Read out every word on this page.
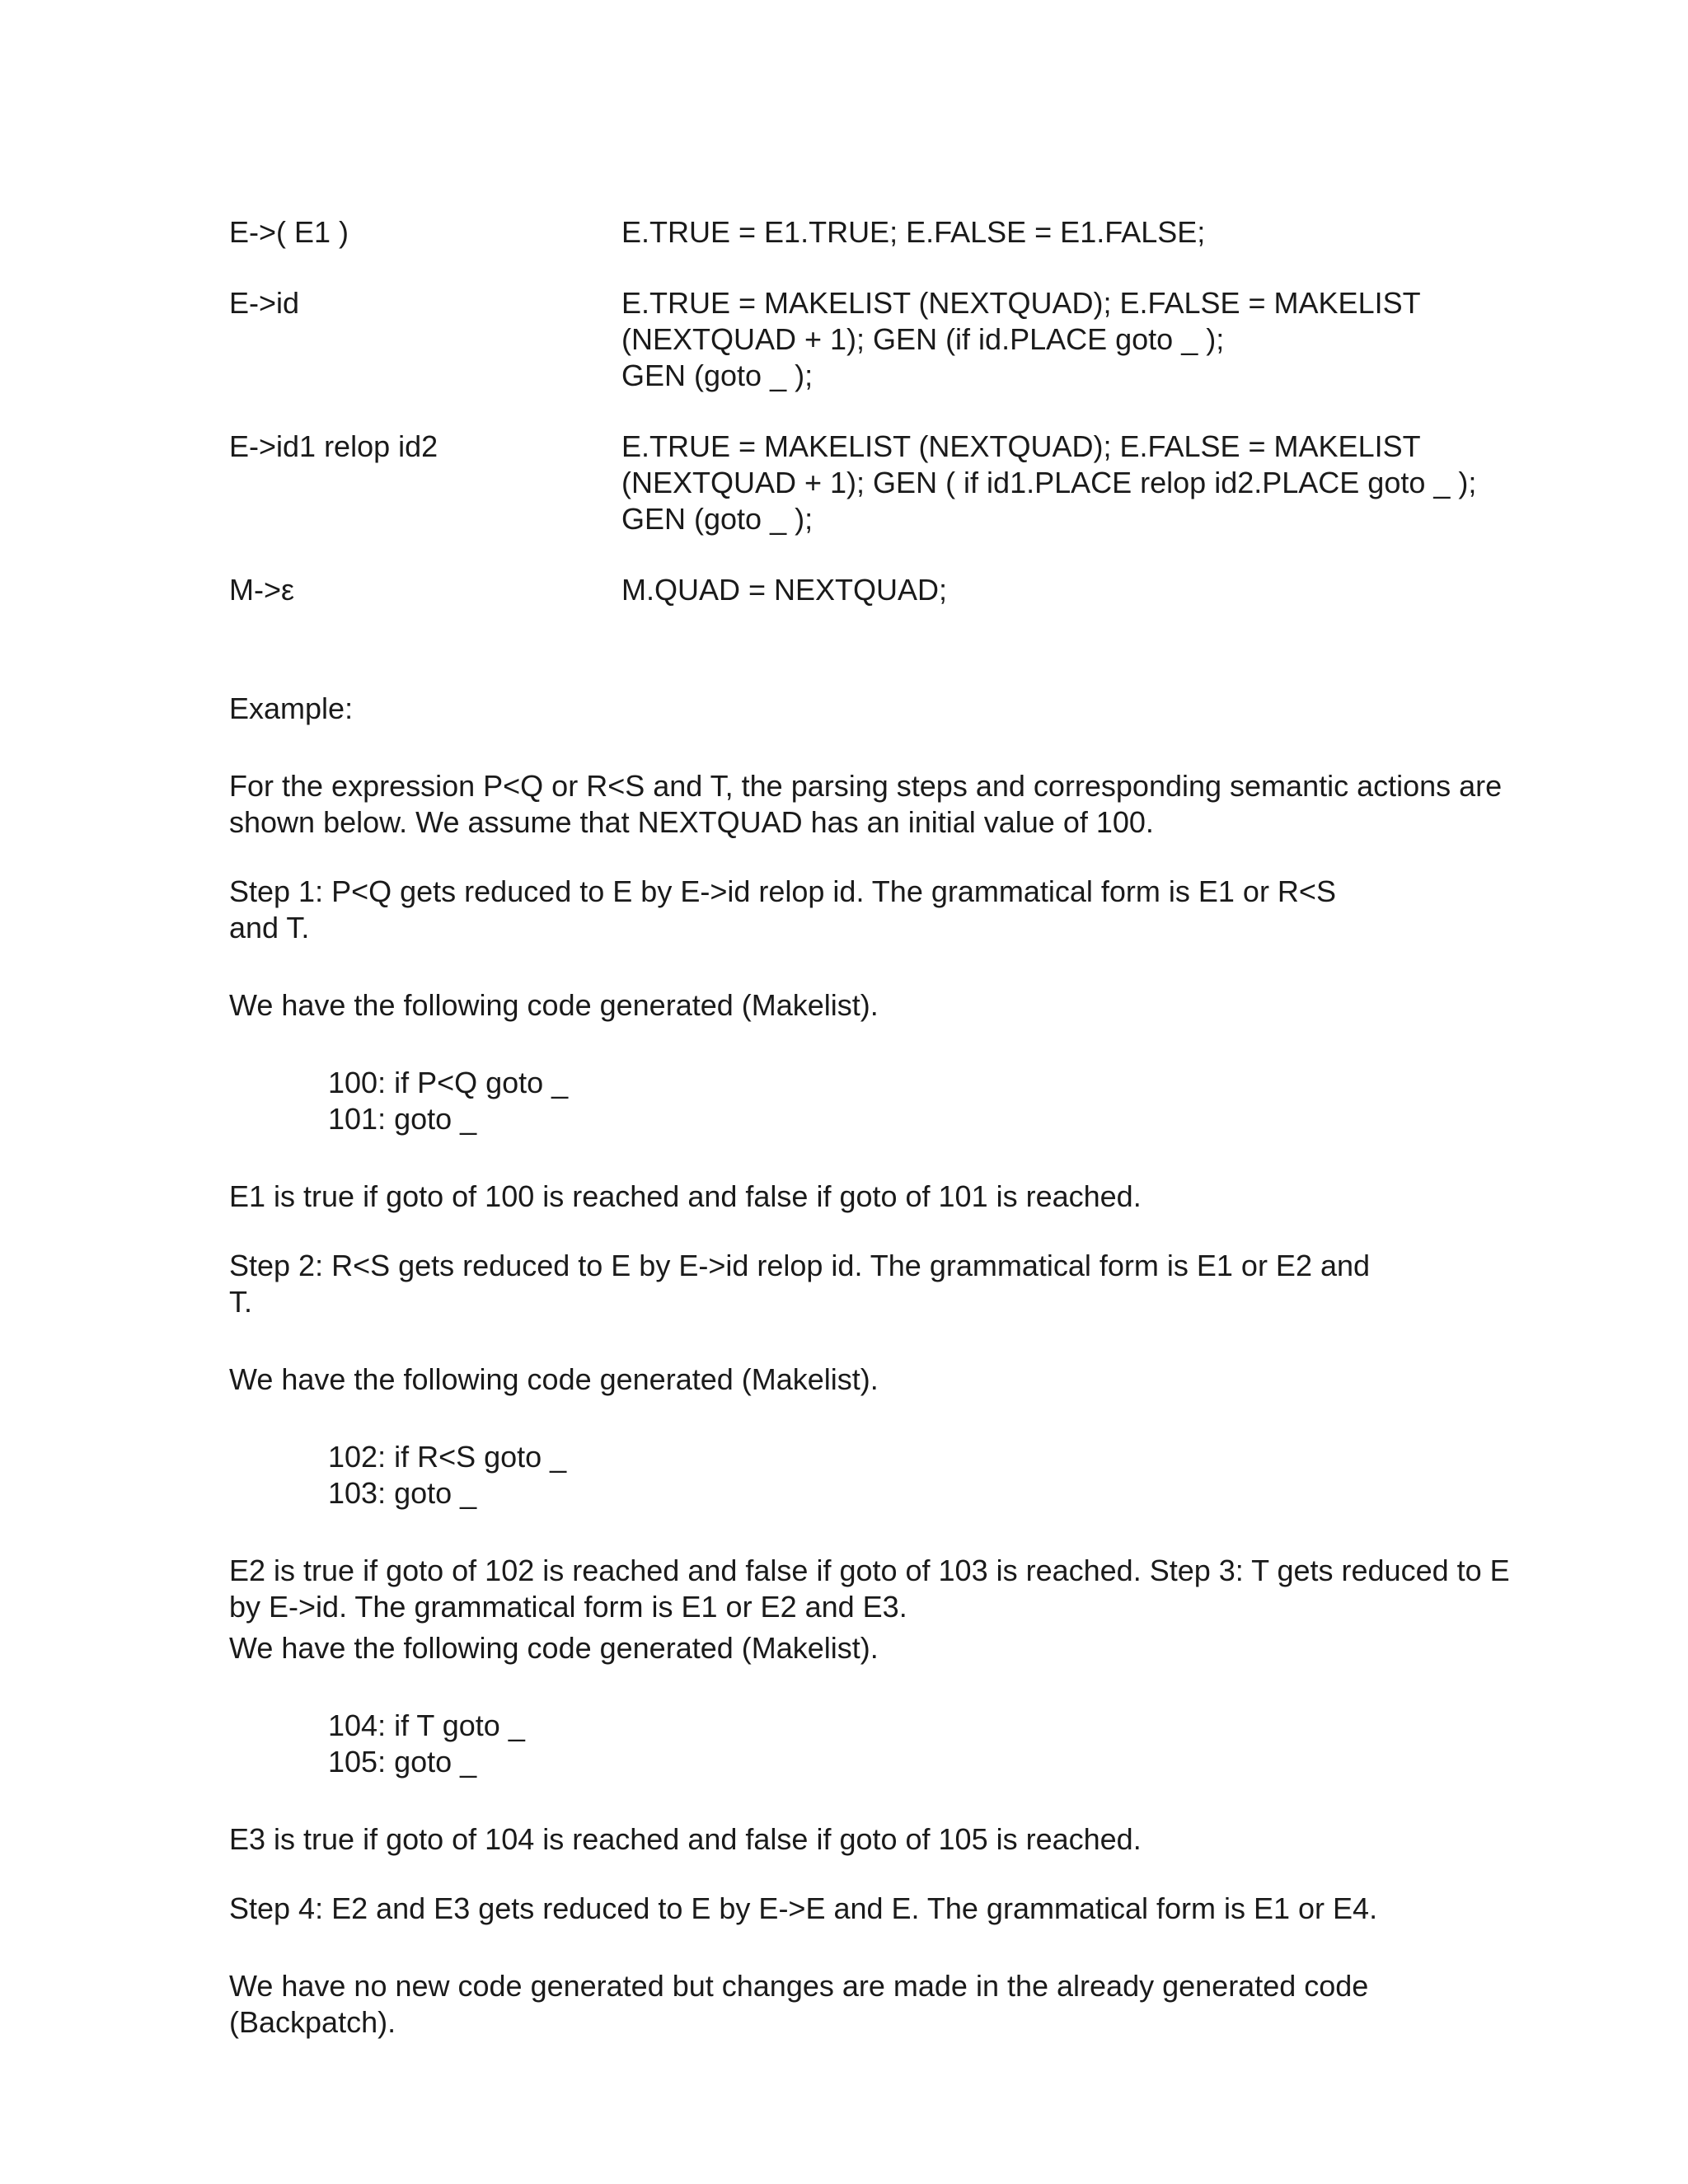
E->( E1 )	E.TRUE = E1.TRUE; E.FALSE = E1.FALSE;
E->id	E.TRUE = MAKELIST (NEXTQUAD); E.FALSE = MAKELIST
(NEXTQUAD + 1); GEN (if id.PLACE goto _ );
GEN (goto _ );
E->id1 relop id2	E.TRUE = MAKELIST (NEXTQUAD); E.FALSE = MAKELIST
(NEXTQUAD + 1); GEN ( if id1.PLACE relop id2.PLACE goto _ );
GEN (goto _ );
M->ε	M.QUAD = NEXTQUAD;
Example:
For the expression P<Q or R<S and T, the parsing steps and corresponding semantic actions are
shown below. We assume that NEXTQUAD has an initial value of 100.
Step 1: P<Q gets reduced to E by E->id relop id. The grammatical form is E1 or R<S
and T.
We have the following code generated (Makelist).
100: if P<Q goto _
101: goto _
E1 is true if goto of 100 is reached and false if goto of 101 is reached.
Step 2: R<S gets reduced to E by E->id relop id. The grammatical form is E1 or E2 and
T.
We have the following code generated (Makelist).
102: if R<S goto _
103: goto _
E2 is true if goto of 102 is reached and false if goto of 103 is reached. Step 3: T gets reduced to E
by E->id. The grammatical form is E1 or E2 and E3.
We have the following code generated (Makelist).
104: if T goto _
105: goto _
E3 is true if goto of 104 is reached and false if goto of 105 is reached.
Step 4: E2 and E3 gets reduced to E by E->E and E. The grammatical form is E1 or E4.
We have no new code generated but changes are made in the already generated code (Backpatch).
